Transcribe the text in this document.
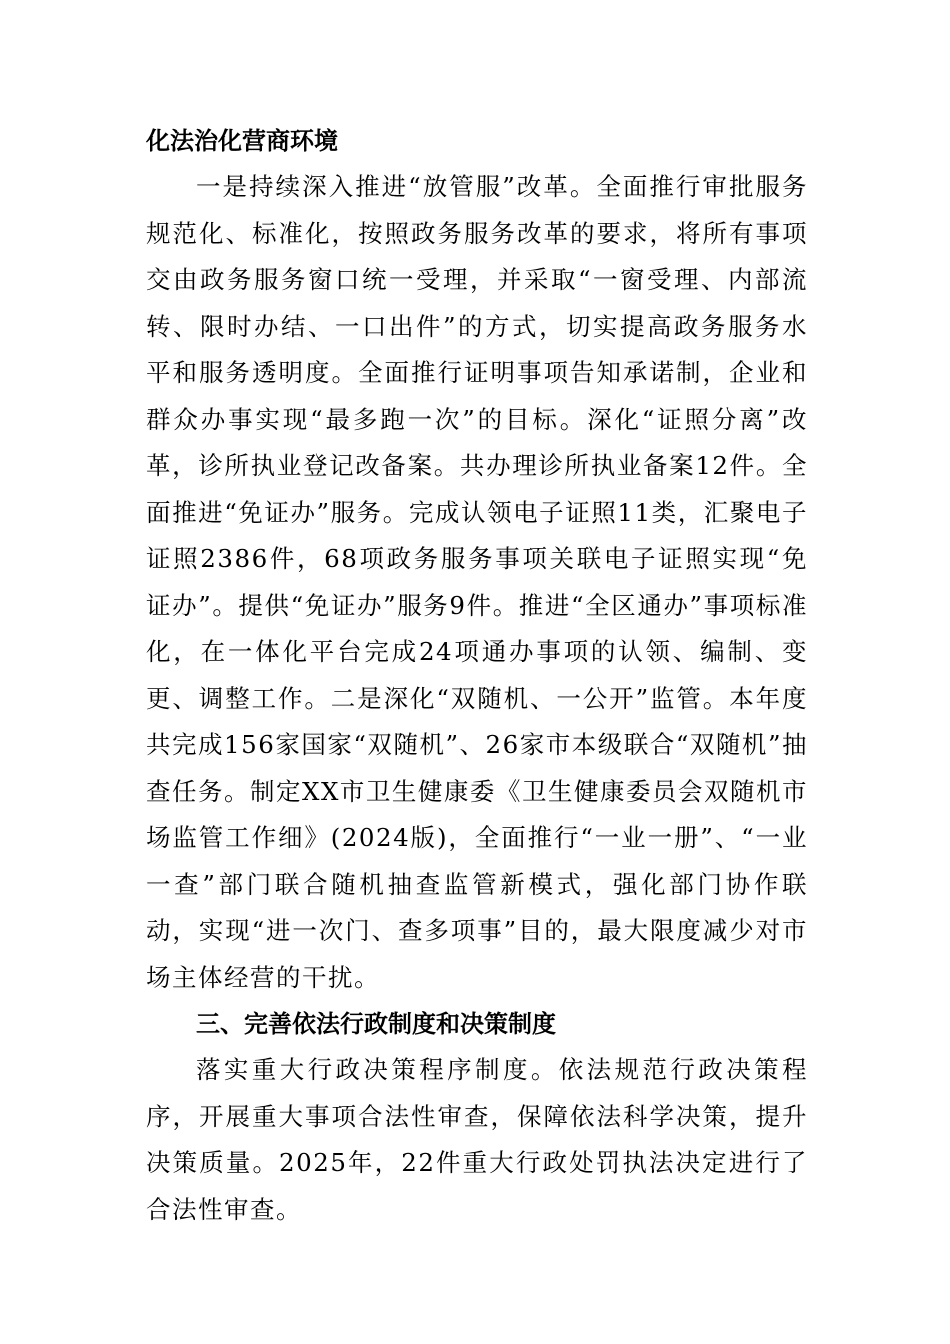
化法治化营商环境

一是持续深入推进“放管服”改革。全面推行审批服务规范化、标准化，按照政务服务改革的要求，将所有事项交由政务服务窗口统一受理，并采取“一窗受理、内部流转、限时办结、一口出件”的方式，切实提高政务服务水平和服务透明度。全面推行证明事项告知承诺制，企业和群众办事实现“最多跑一次”的目标。深化“证照分离”改革，诊所执业登记改备案。共办理诊所执业备案12件。全面推进“免证办”服务。完成认领电子证照11类，汇聚电子证照2386件，68项政务服务事项关联电子证照实现“免证办”。提供“免证办”服务9件。推进“全区通办”事项标准化，在一体化平台完成24项通办事项的认领、编制、变更、调整工作。二是深化“双随机、一公开”监管。本年度共完成156家国家“双随机”、26家市本级联合“双随机”抽查任务。制定XX市卫生健康委《卫生健康委员会双随机市场监管工作细》(2024版)，全面推行“一业一册”、“一业一查”部门联合随机抽查监管新模式，强化部门协作联动，实现“进一次门、查多项事”目的，最大限度减少对市场主体经营的干扰。

三、完善依法行政制度和决策制度

落实重大行政决策程序制度。依法规范行政决策程序，开展重大事项合法性审查，保障依法科学决策，提升决策质量。2025年，22件重大行政处罚执法决定进行了合法性审查。
